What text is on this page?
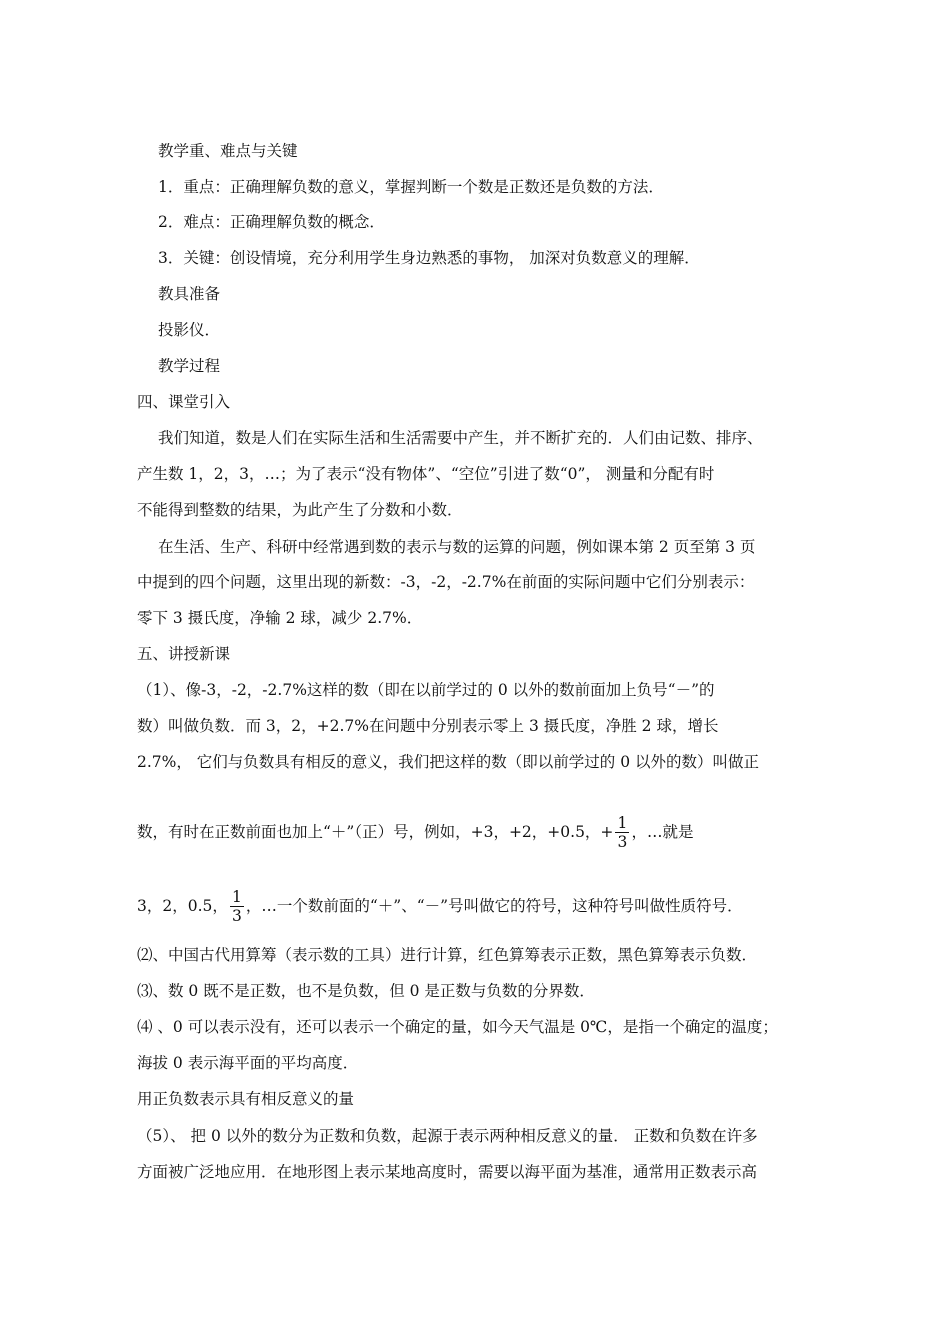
教学重、难点与关键
1．重点：正确理解负数的意义，掌握判断一个数是正数还是负数的方法．
2．难点：正确理解负数的概念．
3．关键：创设情境，充分利用学生身边熟悉的事物， 加深对负数意义的理解．
教具准备
投影仪．
教学过程
四、课堂引入
我们知道，数是人们在实际生活和生活需要中产生，并不断扩充的．人们由记数、排序、
产生数 1，2，3，…；为了表示“没有物体”、“空位”引进了数“0”， 测量和分配有时
不能得到整数的结果，为此产生了分数和小数．
在生活、生产、科研中经常遇到数的表示与数的运算的问题，例如课本第 2 页至第 3 页
中提到的四个问题，这里出现的新数：-3，-2，-2.7%在前面的实际问题中它们分别表示：
零下 3 摄氏度，净输 2 球，减少 2.7%．
五、讲授新课
（1）、像-3，-2，-2.7%这样的数（即在以前学过的 0 以外的数前面加上负号“－”的
数）叫做负数．而 3，2，+2.7%在问题中分别表示零上 3 摄氏度，净胜 2 球，增长
2.7%， 它们与负数具有相反的意义，我们把这样的数（即以前学过的 0 以外的数）叫做正
数，有时在正数前面也加上“＋”（正）号，例如，+3，+2，+0.5，+ $\frac{1}{3}$ ，…就是
3，2，0.5， $\frac{1}{3}$ ，…一个数前面的“＋”、“－”号叫做它的符号，这种符号叫做性质符号．
⑵、中国古代用算筹（表示数的工具）进行计算，红色算筹表示正数，黑色算筹表示负数．
⑶、数 0 既不是正数，也不是负数，但 0 是正数与负数的分界数．
⑷ 、0 可以表示没有，还可以表示一个确定的量，如今天气温是 0℃，是指一个确定的温度；
海拔 0 表示海平面的平均高度．
用正负数表示具有相反意义的量
（5）、 把 0 以外的数分为正数和负数，起源于表示两种相反意义的量． 正数和负数在许多
方面被广泛地应用．在地形图上表示某地高度时，需要以海平面为基准，通常用正数表示高
